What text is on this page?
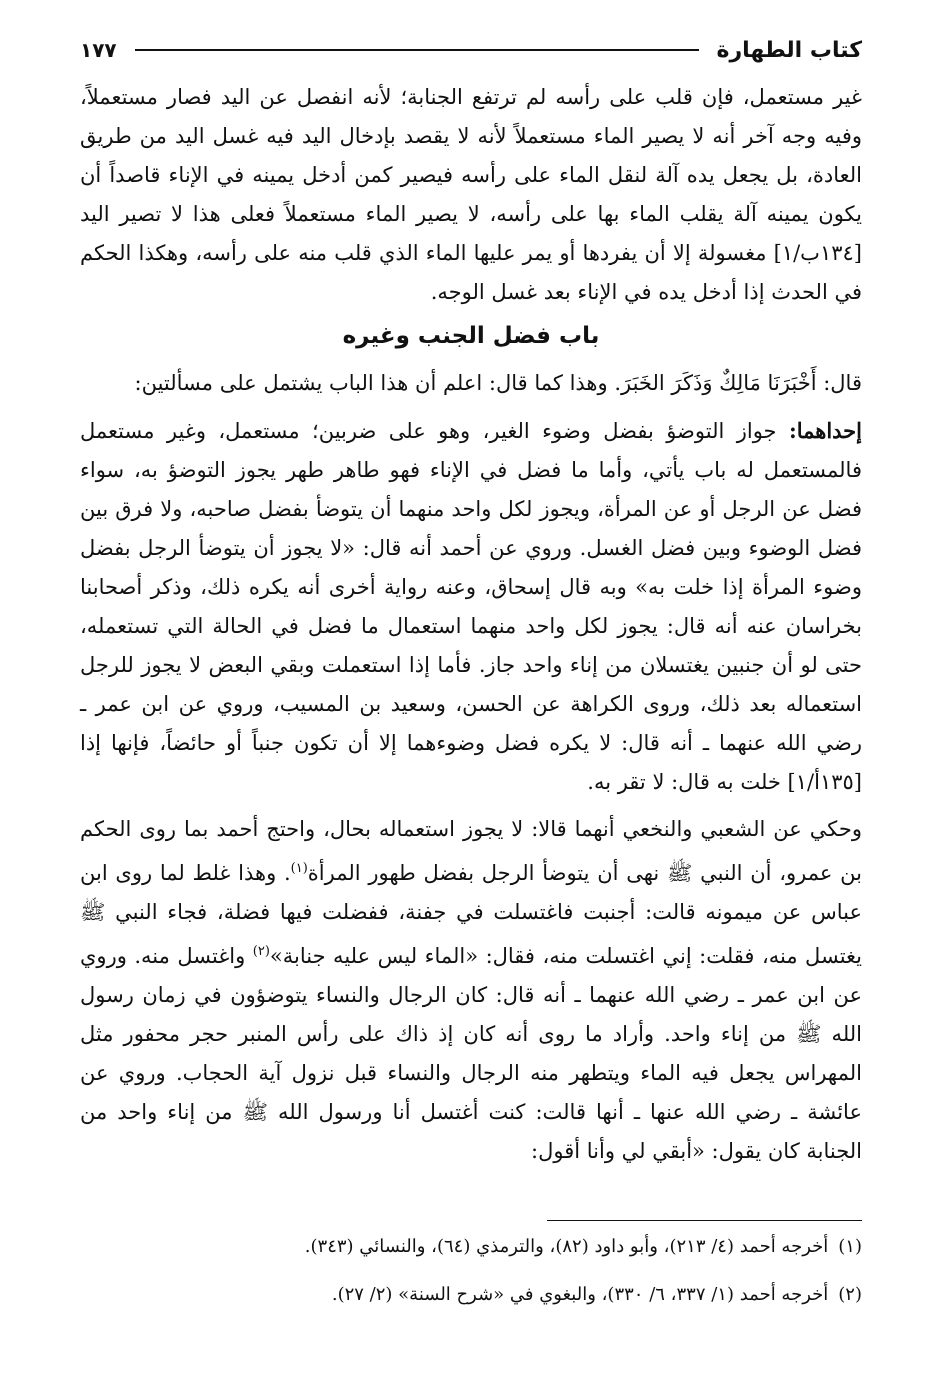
كتاب الطهارة
١٧٧

غير مستعمل، فإن قلب على رأسه لم ترتفع الجنابة؛ لأنه انفصل عن اليد فصار مستعملاً، وفيه وجه آخر أنه لا يصير الماء مستعملاً لأنه لا يقصد بإدخال اليد فيه غسل اليد من طريق العادة، بل يجعل يده آلة لنقل الماء على رأسه فيصير كمن أدخل يمينه في الإناء قاصداً أن يكون يمينه آلة يقلب الماء بها على رأسه، لا يصير الماء مستعملاً فعلى هذا لا تصير اليد [١٣٤ب/١] مغسولة إلا أن يفردها أو يمر عليها الماء الذي قلب منه على رأسه، وهكذا الحكم في الحدث إذا أدخل يده في الإناء بعد غسل الوجه.

باب فضل الجنب وغيره

قال: أَخْبَرَنَا مَالِكٌ وَذَكَرَ الخَبَرَ. وهذا كما قال: اعلم أن هذا الباب يشتمل على مسألتين:

إحداهما: جواز التوضؤ بفضل وضوء الغير، وهو على ضربين؛ مستعمل، وغير مستعمل فالمستعمل له باب يأتي، وأما ما فضل في الإناء فهو طاهر طهر يجوز التوضؤ به، سواء فضل عن الرجل أو عن المرأة، ويجوز لكل واحد منهما أن يتوضأ بفضل صاحبه، ولا فرق بين فضل الوضوء وبين فضل الغسل. وروي عن أحمد أنه قال: «لا يجوز أن يتوضأ الرجل بفضل وضوء المرأة إذا خلت به» وبه قال إسحاق، وعنه رواية أخرى أنه يكره ذلك، وذكر أصحابنا بخراسان عنه أنه قال: يجوز لكل واحد منهما استعمال ما فضل في الحالة التي تستعمله، حتى لو أن جنبين يغتسلان من إناء واحد جاز. فأما إذا استعملت وبقي البعض لا يجوز للرجل استعماله بعد ذلك، وروى الكراهة عن الحسن، وسعيد بن المسيب، وروي عن ابن عمر ـ رضي الله عنهما ـ أنه قال: لا يكره فضل وضوءهما إلا أن تكون جنباً أو حائضاً، فإنها إذا [١٣٥أ/١] خلت به قال: لا تقر به.

وحكي عن الشعبي والنخعي أنهما قالا: لا يجوز استعماله بحال، واحتج أحمد بما روى الحكم بن عمرو، أن النبي ﷺ نهى أن يتوضأ الرجل بفضل طهور المرأة$^{(١)}$. وهذا غلط لما روى ابن عباس عن ميمونه قالت: أجنبت فاغتسلت في جفنة، ففضلت فيها فضلة، فجاء النبي ﷺ يغتسل منه، فقلت: إني اغتسلت منه، فقال: «الماء ليس عليه جنابة»$^{(٢)}$ واغتسل منه. وروي عن ابن عمر ـ رضي الله عنهما ـ أنه قال: كان الرجال والنساء يتوضؤون في زمان رسول الله ﷺ من إناء واحد. وأراد ما روى أنه كان إذ ذاك على رأس المنبر حجر محفور مثل المهراس يجعل فيه الماء ويتطهر منه الرجال والنساء قبل نزول آية الحجاب. وروي عن عائشة ـ رضي الله عنها ـ أنها قالت: كنت أغتسل أنا ورسول الله ﷺ من إناء واحد من الجنابة كان يقول: «أبقي لي وأنا أقول:

(١)
أخرجه أحمد (٤/ ٢١٣)، وأبو داود (٨٢)، والترمذي (٦٤)، والنسائي (٣٤٣).
(٢)
أخرجه أحمد (١/ ٣٣٧، ٦/ ٣٣٠)، والبغوي في «شرح السنة» (٢/ ٢٧).
